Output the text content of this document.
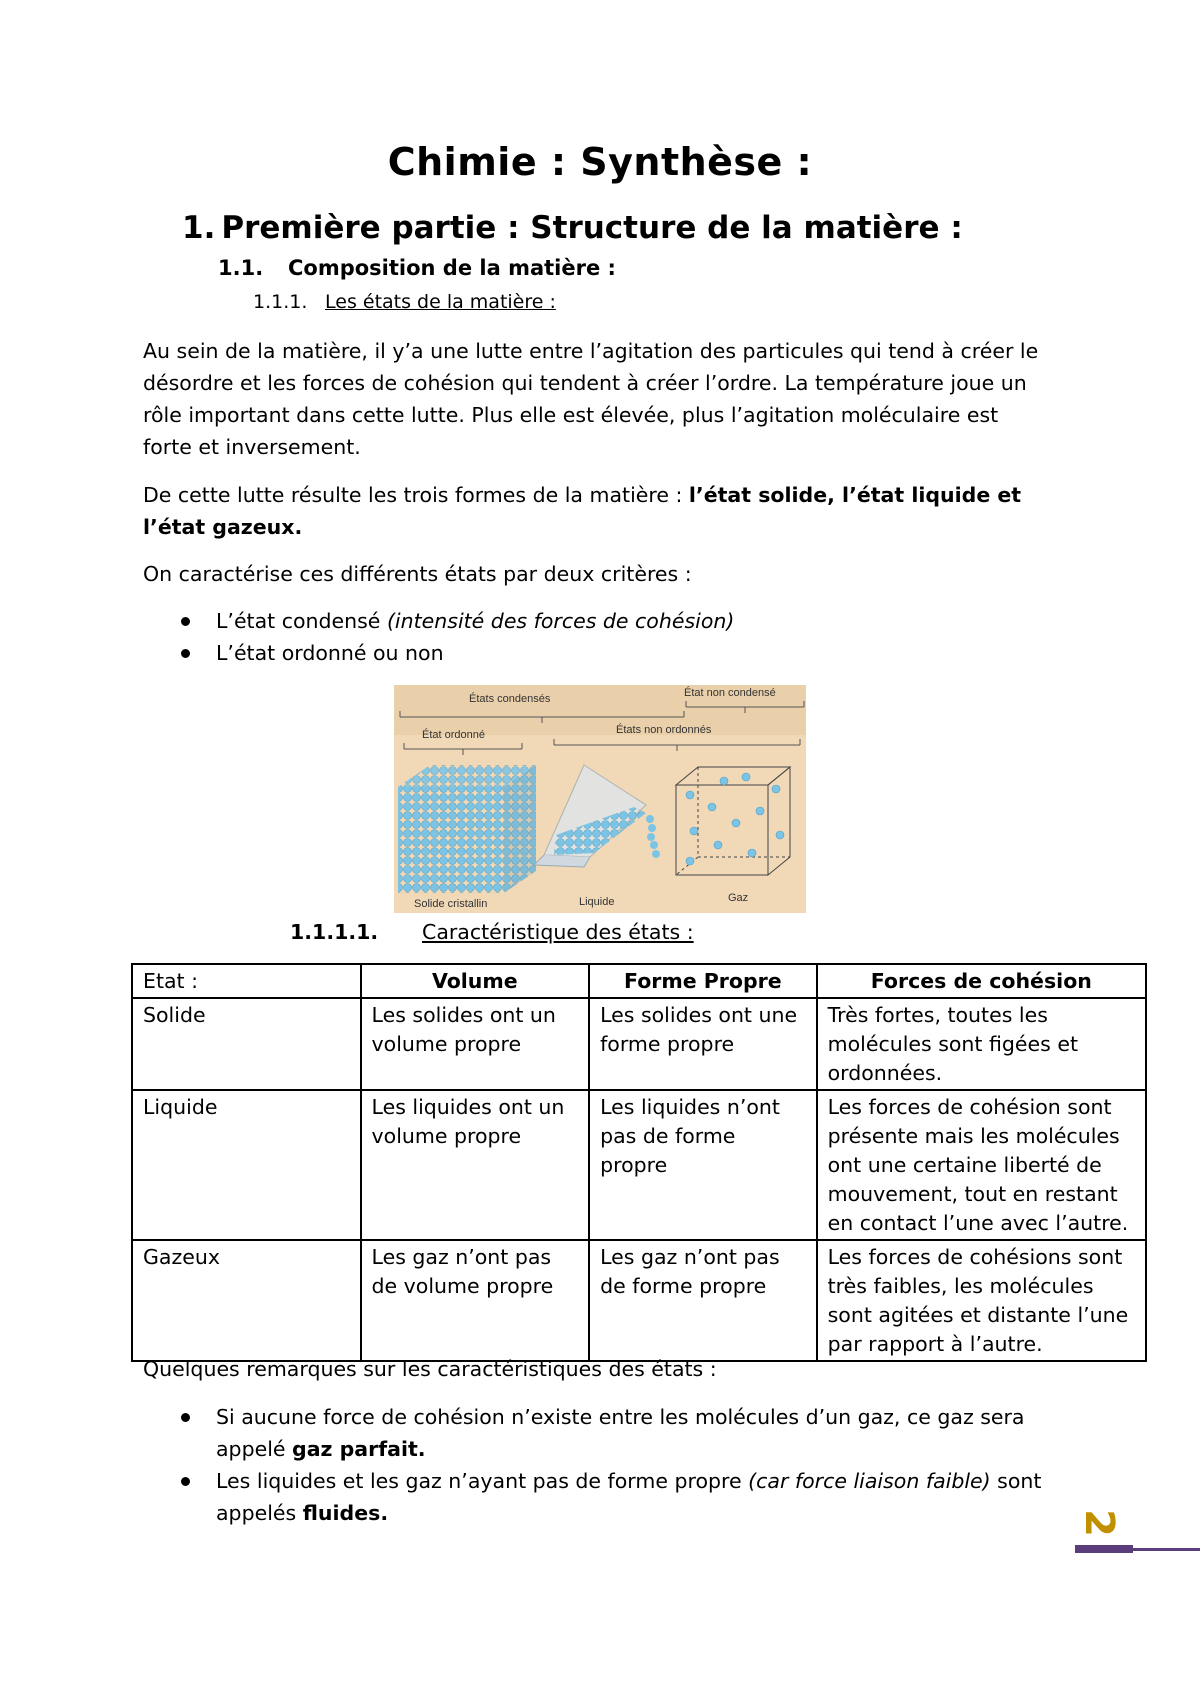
Chimie : Synthèse :
1. Première partie : Structure de la matière :
1.1. Composition de la matière :
1.1.1. Les états de la matière :

Au sein de la matière, il y’a une lutte entre l’agitation des particules qui tend à créer le désordre et les forces de cohésion qui tendent à créer l’ordre. La température joue un rôle important dans cette lutte. Plus elle est élevée, plus l’agitation moléculaire est forte et inversement.

De cette lutte résulte les trois formes de la matière : l’état solide, l’état liquide et l’état gazeux.

On caractérise ces différents états par deux critères :

L’état condensé (intensité des forces de cohésion)
L’état ordonné ou non
États condensés	État non condensé
État ordonné	États non ordonnés
Solide cristallin	Liquide	Gaz
1.1.1.1. Caractéristique des états :
Etat :	Volume	Forme Propre	Forces de cohésion
Solide	Les solides ont un volume propre	Les solides ont une forme propre	Très fortes, toutes les molécules sont figées et ordonnées.
Liquide	Les liquides ont un volume propre	Les liquides n’ont pas de forme propre	Les forces de cohésion sont présente mais les molécules ont une certaine liberté de mouvement, tout en restant en contact l’une avec l’autre.
Gazeux	Les gaz n’ont pas de volume propre	Les gaz n’ont pas de forme propre	Les forces de cohésions sont très faibles, les molécules sont agitées et distante l’une par rapport à l’autre.

Quelques remarques sur les caractéristiques des états :

Si aucune force de cohésion n’existe entre les molécules d’un gaz, ce gaz sera appelé gaz parfait.
Les liquides et les gaz n’ayant pas de forme propre (car force liaison faible) sont appelés fluides.	2
